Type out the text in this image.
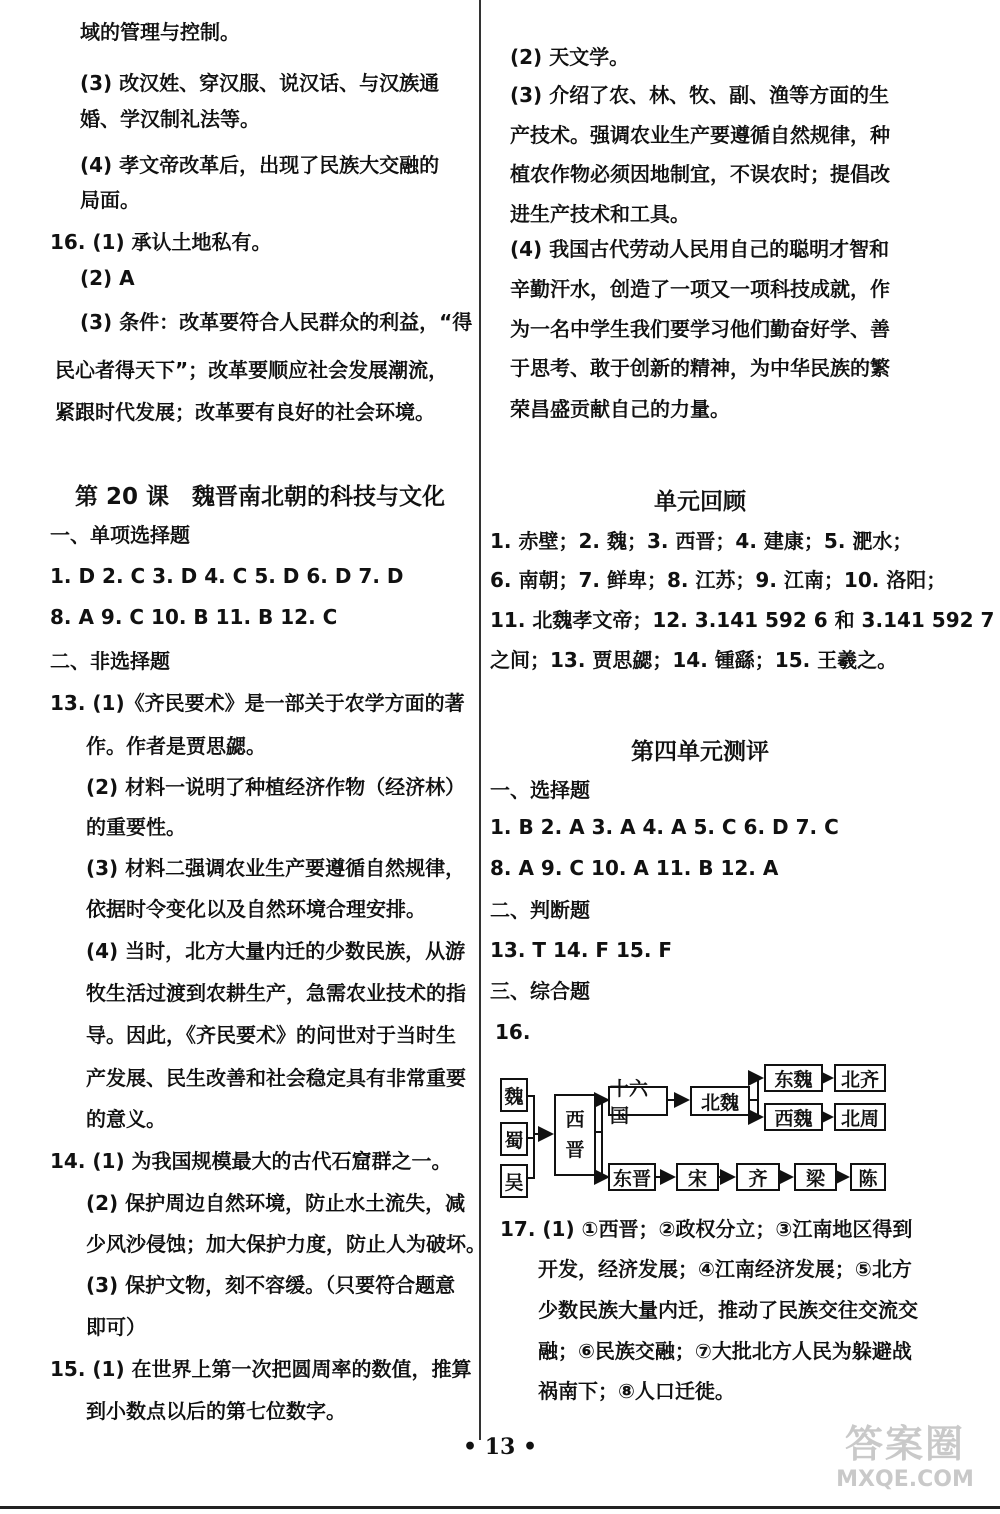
域的管理与控制。
(3) 改汉姓、穿汉服、说汉话、与汉族通
婚、学汉制礼法等。
(4) 孝文帝改革后，出现了民族大交融的
局面。
16. (1) 承认土地私有。
(2) A
(3) 条件：改革要符合人民群众的利益，“得
民心者得天下”；改革要顺应社会发展潮流，
紧跟时代发展；改革要有良好的社会环境。
第 20 课　魏晋南北朝的科技与文化
一、单项选择题
1. D 2. C 3. D 4. C 5. D 6. D 7. D
8. A 9. C 10. B 11. B 12. C
二、非选择题
13. (1)《齐民要术》是一部关于农学方面的著
作。作者是贾思勰。
(2) 材料一说明了种植经济作物（经济林）
的重要性。
(3) 材料二强调农业生产要遵循自然规律，
依据时令变化以及自然环境合理安排。
(4) 当时，北方大量内迁的少数民族，从游
牧生活过渡到农耕生产，急需农业技术的指
导。因此，《齐民要术》的问世对于当时生
产发展、民生改善和社会稳定具有非常重要
的意义。
14. (1) 为我国规模最大的古代石窟群之一。
(2) 保护周边自然环境，防止水土流失，减
少风沙侵蚀；加大保护力度，防止人为破坏。
(3) 保护文物，刻不容缓。（只要符合题意
即可）
15. (1) 在世界上第一次把圆周率的数值，推算
到小数点以后的第七位数字。
(2) 天文学。
(3) 介绍了农、林、牧、副、渔等方面的生
产技术。强调农业生产要遵循自然规律，种
植农作物必须因地制宜，不误农时；提倡改
进生产技术和工具。
(4) 我国古代劳动人民用自己的聪明才智和
辛勤汗水，创造了一项又一项科技成就，作
为一名中学生我们要学习他们勤奋好学、善
于思考、敢于创新的精神，为中华民族的繁
荣昌盛贡献自己的力量。
单元回顾
1. 赤壁；2. 魏；3. 西晋；4. 建康；5. 淝水；
6. 南朝；7. 鲜卑；8. 江苏；9. 江南；10. 洛阳；
11. 北魏孝文帝；12. 3.141 592 6 和 3.141 592 7
之间；13. 贾思勰；14. 锺繇；15. 王羲之。
第四单元测评
一、选择题
1. B 2. A 3. A 4. A 5. C 6. D 7. C
8. A 9. C 10. A 11. B 12. A
二、判断题
13. T 14. F 15. F
三、综合题
16.
魏
蜀
吴
西
晋
十六国
北魏
东魏	北齐
西魏	北周
东晋	宋	齐	梁	陈
17. (1) ①西晋；②政权分立；③江南地区得到
开发，经济发展；④江南经济发展；⑤北方
少数民族大量内迁，推动了民族交往交流交
融；⑥民族交融；⑦大批北方人民为躲避战
祸南下；⑧人口迁徙。
• 13 •	答案圈
MXQE.COM
